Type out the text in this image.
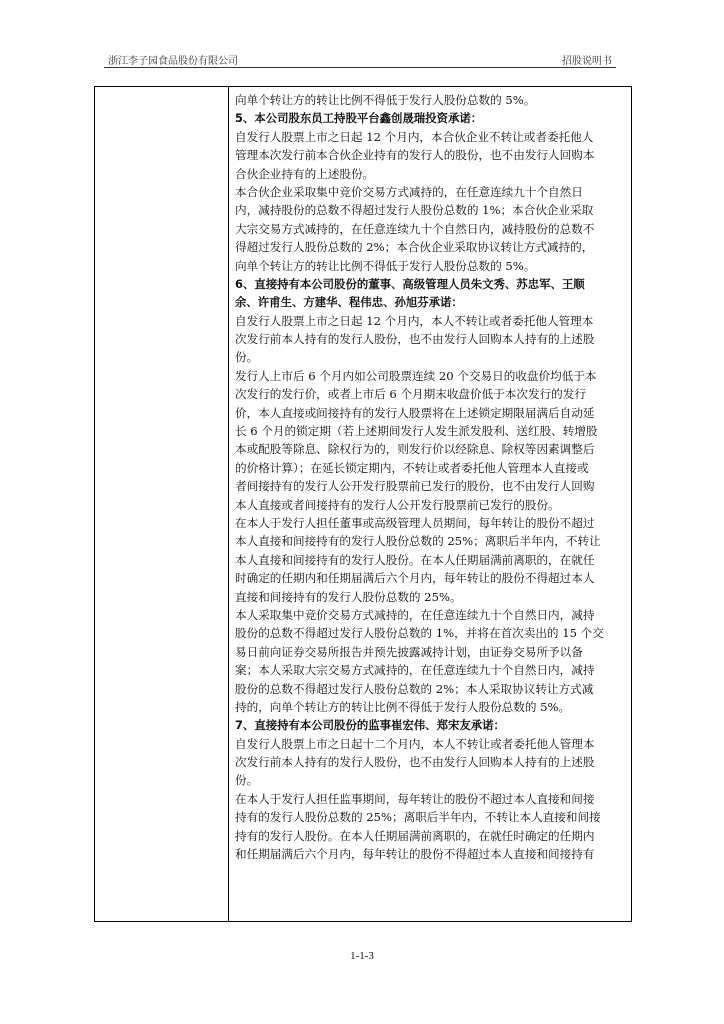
浙江李子园食品股份有限公司	招股说明书
向单个转让方的转让比例不得低于发行人股份总数的 5%。
5、本公司股东员工持股平台鑫创晟瑞投资承诺：
自发行人股票上市之日起 12 个月内，本合伙企业不转让或者委托他人
管理本次发行前本合伙企业持有的发行人的股份，也不由发行人回购本
合伙企业持有的上述股份。
本合伙企业采取集中竞价交易方式减持的，在任意连续九十个自然日
内，减持股份的总数不得超过发行人股份总数的 1%；本合伙企业采取
大宗交易方式减持的，在任意连续九十个自然日内，减持股份的总数不
得超过发行人股份总数的 2%；本合伙企业采取协议转让方式减持的，
向单个转让方的转让比例不得低于发行人股份总数的 5%。
6、直接持有本公司股份的董事、高级管理人员朱文秀、苏忠军、王顺
余、许甫生、方建华、程伟忠、孙旭芬承诺：
自发行人股票上市之日起 12 个月内，本人不转让或者委托他人管理本
次发行前本人持有的发行人股份，也不由发行人回购本人持有的上述股
份。
发行人上市后 6 个月内如公司股票连续 20 个交易日的收盘价均低于本
次发行的发行价，或者上市后 6 个月期末收盘价低于本次发行的发行
价，本人直接或间接持有的发行人股票将在上述锁定期限届满后自动延
长 6 个月的锁定期（若上述期间发行人发生派发股利、送红股、转增股
本或配股等除息、除权行为的，则发行价以经除息、除权等因素调整后
的价格计算）；在延长锁定期内，不转让或者委托他人管理本人直接或
者间接持有的发行人公开发行股票前已发行的股份，也不由发行人回购
本人直接或者间接持有的发行人公开发行股票前已发行的股份。
在本人于发行人担任董事或高级管理人员期间，每年转让的股份不超过
本人直接和间接持有的发行人股份总数的 25%；离职后半年内，不转让
本人直接和间接持有的发行人股份。在本人任期届满前离职的，在就任
时确定的任期内和任期届满后六个月内，每年转让的股份不得超过本人
直接和间接持有的发行人股份总数的 25%。
本人采取集中竞价交易方式减持的，在任意连续九十个自然日内，减持
股份的总数不得超过发行人股份总数的 1%，并将在首次卖出的 15 个交
易日前向证券交易所报告并预先披露减持计划，由证券交易所予以备
案；本人采取大宗交易方式减持的，在任意连续九十个自然日内，减持
股份的总数不得超过发行人股份总数的 2%；本人采取协议转让方式减
持的，向单个转让方的转让比例不得低于发行人股份总数的 5%。
7、直接持有本公司股份的监事崔宏伟、郑宋友承诺：
自发行人股票上市之日起十二个月内，本人不转让或者委托他人管理本
次发行前本人持有的发行人股份，也不由发行人回购本人持有的上述股
份。
在本人于发行人担任监事期间，每年转让的股份不超过本人直接和间接
持有的发行人股份总数的 25%；离职后半年内，不转让本人直接和间接
持有的发行人股份。在本人任期届满前离职的，在就任时确定的任期内
和任期届满后六个月内，每年转让的股份不得超过本人直接和间接持有
1-1-3
